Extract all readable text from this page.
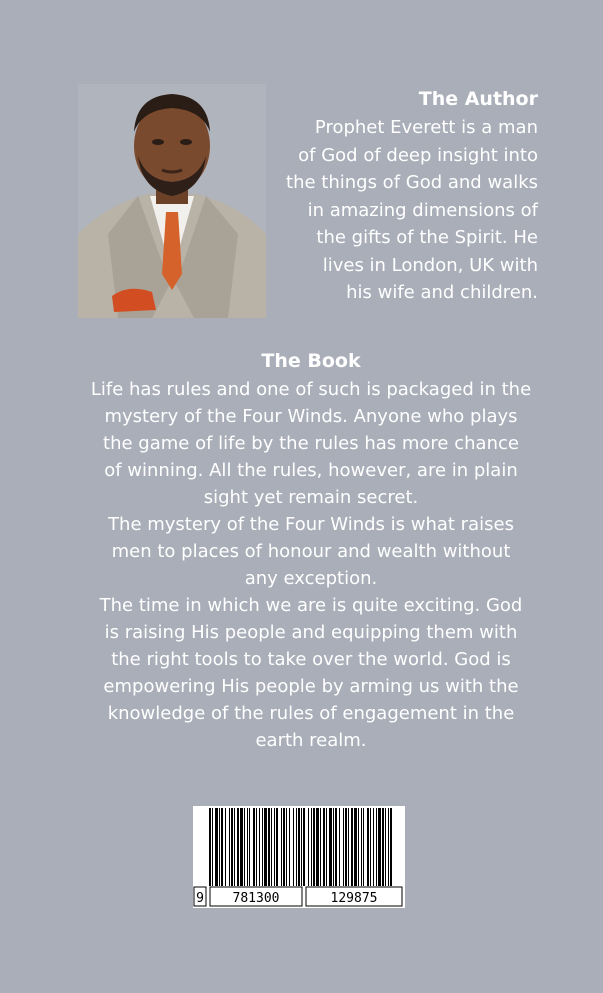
The Author

Prophet Everett is a man
of God of deep insight into
the things of God and walks
in amazing dimensions of
the gifts of the Spirit. He
lives in London, UK with
his wife and children.

The Book

Life has rules and one of such is packaged in the
mystery of the Four Winds. Anyone who plays
the game of life by the rules has more chance
of winning. All the rules, however, are in plain
sight yet remain secret.
The mystery of the Four Winds is what raises
men to places of honour and wealth without
any exception.
The time in which we are is quite exciting. God
is raising His people and equipping them with
the right tools to take over the world. God is
empowering His people by arming us with the
knowledge of the rules of engagement in the
earth realm.

9 781300	129875
